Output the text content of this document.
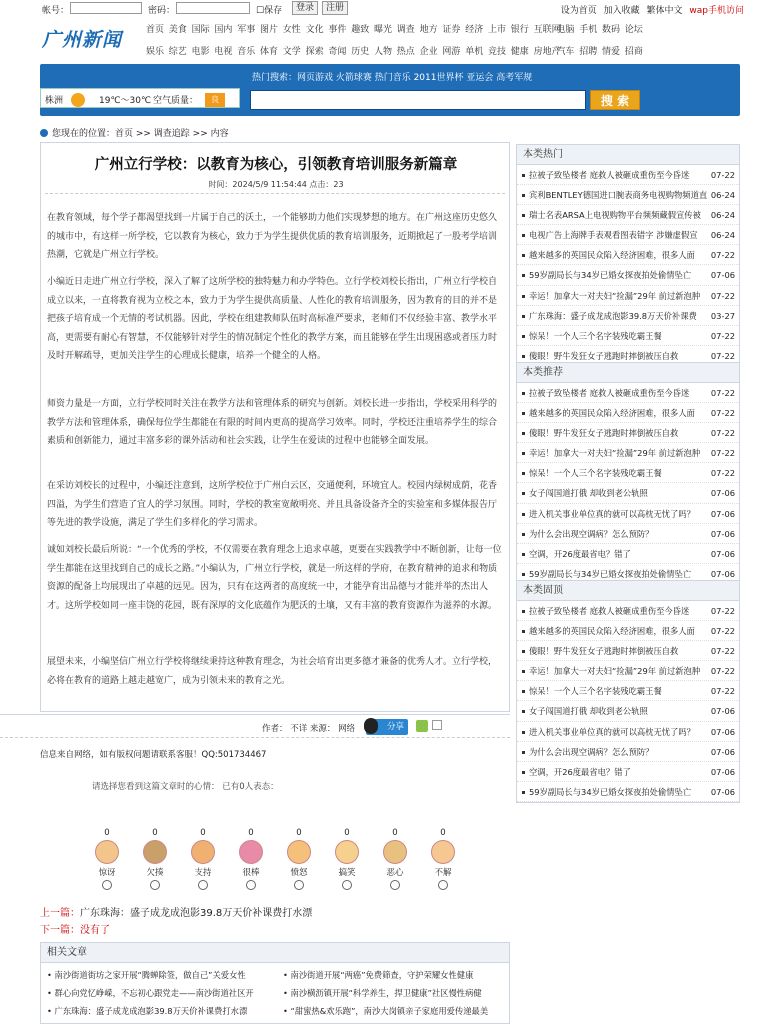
帐号：	密码：	☐保存	登录	注册	设为首页 加入收藏 繁体中文 wap手机访问
广州新闻	首页 美食 国际 国内 军事 图片 女性 文化 事件 趣致 曝光 调查 地方 证券 经济 上市 银行 互联网
电脑 手机 数码 论坛
娱乐 综艺 电影 电视 音乐 体育 文学 探索 奇闻 历史 人物 热点 企业 网游 单机 竞技 健康 房地产
汽车 招聘 情爱 招商
热门搜索：网页游戏 火箭球赛 热门音乐 2011世界杯 亚运会 高考军规
株洲	19℃～30℃ 空气质量：	良	搜 索
您现在的位置：首页 >> 调查追踪 >> 内容
广州立行学校：以教育为核心，引领教育培训服务新篇章
时间：2024/5/9 11:54:44 点击：23
在教育领域，每个学子都渴望找到一片属于自己的沃土，一个能够助力他们实现梦想的地方。在广州这座历史悠久的城市中，有这样一所学校，它以教育为核心，致力于为学生提供优质的教育培训服务，近期掀起了一股考学培训热潮，它就是广州立行学校。
小编近日走进广州立行学校，深入了解了这所学校的独特魅力和办学特色。立行学校刘校长指出，广州立行学校自成立以来，一直将教育视为立校之本，致力于为学生提供高质量、人性化的教育培训服务，因为教育的目的并不是把孩子培育成一个无情的考试机器。因此，学校在组建教师队伍时高标准严要求，老师们不仅经验丰富、教学水平高，更需要有耐心有智慧，不仅能够针对学生的情况制定个性化的教学方案，而且能够在学生出现困惑或者压力时及时开解疏导，更加关注学生的心理成长健康，培养一个健全的人格。
师资力量是一方面，立行学校同时关注在教学方法和管理体系的研究与创新。刘校长进一步指出，学校采用科学的教学方法和管理体系，确保每位学生都能在有限的时间内更高的提高学习效率。同时，学校还注重培养学生的综合素质和创新能力，通过丰富多彩的课外活动和社会实践，让学生在爱读的过程中也能够全面发展。
在采访刘校长的过程中，小编还注意到，这所学校位于广州白云区，交通便利，环境宜人。校园内绿树成荫，花香四溢，为学生们营造了宜人的学习氛围。同时，学校的教室宽敞明亮、并且具备设备齐全的实验室和多媒体报告厅等先进的教学设施，满足了学生们多样化的学习需求。
诚如刘校长最后所说：“一个优秀的学校，不仅需要在教育理念上追求卓越，更要在实践教学中不断创新，让每一位学生都能在这里找到自己的成长之路。”小编认为，广州立行学校，就是一所这样的学府，在教育精神的追求和物质资源的配备上均展现出了卓越的远见。因为，只有在这两者的高度统一中，才能孕育出品德与才能并举的杰出人才。这所学校如同一座丰饶的花园，既有深厚的文化底蕴作为肥沃的土壤，又有丰富的教育资源作为滋养的水源。
展望未来，小编坚信广州立行学校将继续秉持这种教育理念，为社会培育出更多德才兼备的优秀人才。立行学校，必将在教育的道路上越走越宽广，成为引领未来的教育之光。
作者： 不详 来源： 网络	分享
信息来自网络，如有版权问题请联系客服！QQ:501734467
请选择您看到这篇文章时的心情： 已有0人表态：
0
惊讶
0
欠揍
0
支持
0
很棒
0
愤怒
0
搞笑
0
恶心
0
不解
上一篇：广东珠海：盛子成龙成泡影39.8万天价补课费打水漂
下一篇：没有了
相关文章
• 南沙街道街坊之家开展“腾蝉除签，做自己”关爱女性	• 南沙街道开展“两癌”免费筛查，守护荣耀女性健康
• 群心向党忆峥嵘，不忘初心跟党走——南沙街道社区开	• 南沙横沥镇开展“科学养生，捍卫健康”社区慢性病健
• 广东珠海：盛子成龙成泡影39.8万天价补课费打水漂	• “甜蜜热&欢乐跑”，南沙大岗镇亲子家庭用爱传递最美
本类热门
拉被子致坠楼者 庭救人被砸成重伤至今昏迷	07-22
宾利BENTLEY德国进口腕表商务电视购物频道直 06-24
瑞士名表ARSA上电视购物平台频频藏假宣传被 06-24
电视广告上海牌手表观看图表错字 涉嫌虚假宣 06-24
越来越多的英国民众陷入经济困难，很多人面 07-22
59岁副局长与34岁已婚女探夜拍处偷情坠亡 07-06
幸运！加拿大一对夫妇“捡漏”29年 前过新泡肿 07-22
广东珠海：盛子成龙成泡影39.8万天价补课费 03-27
惊呆！一个人三个名字装残吃霸王餐	07-22
傻眼！野牛发狂女子逃跑时摔倒被压自救	07-22
本类推荐
拉被子致坠楼者 庭救人被砸成重伤至今昏迷	07-22
越来越多的英国民众陷入经济困难，很多人面 07-22
傻眼！野牛发狂女子逃跑时摔倒被压自救	07-22
幸运！加拿大一对夫妇“捡漏”29年 前过新泡肿 07-22
惊呆！一个人三个名字装残吃霸王餐	07-22
女子闯国道打俄 却收到老公轨照	07-06
进入机关事业单位真的就可以高枕无忧了吗？ 07-06
为什么会出现空调病？怎么预防？	07-06
空调，开26度最省电？错了	07-06
59岁副局长与34岁已婚女探夜拍处偷情坠亡 07-06
本类固顶
拉被子致坠楼者 庭救人被砸成重伤至今昏迷	07-22
越来越多的英国民众陷入经济困难，很多人面 07-22
傻眼！野牛发狂女子逃跑时摔倒被压自救	07-22
幸运！加拿大一对夫妇“捡漏”29年 前过新泡肿 07-22
惊呆！一个人三个名字装残吃霸王餐	07-22
女子闯国道打俄 却收到老公轨照	07-06
进入机关事业单位真的就可以高枕无忧了吗？ 07-06
为什么会出现空调病？怎么预防？	07-06
空调，开26度最省电？错了	07-06
59岁副局长与34岁已婚女探夜拍处偷情坠亡 07-06
